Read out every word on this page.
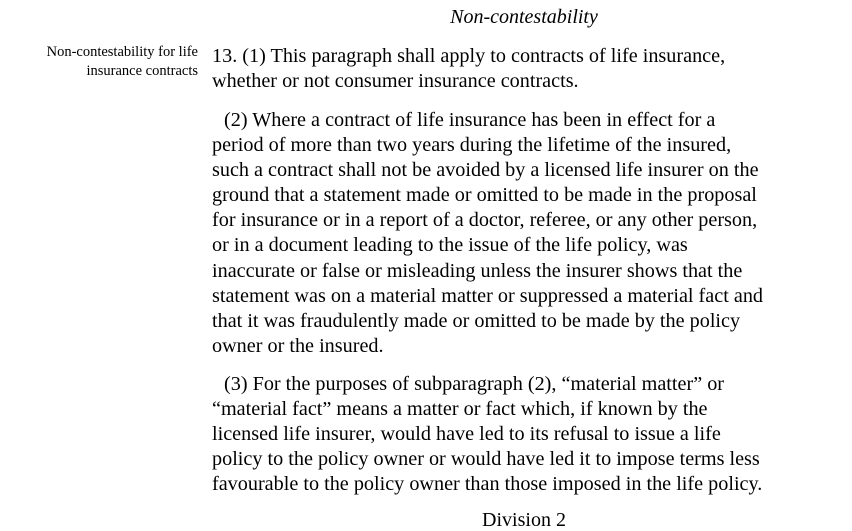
Non-contestability
Non-contestability for life
insurance contracts
13. (1) This paragraph shall apply to contracts of life insurance,
whether or not consumer insurance contracts.
(2) Where a contract of life insurance has been in effect for a
period of more than two years during the lifetime of the insured,
such a contract shall not be avoided by a licensed life insurer on the
ground that a statement made or omitted to be made in the proposal
for insurance or in a report of a doctor, referee, or any other person,
or in a document leading to the issue of the life policy, was
inaccurate or false or misleading unless the insurer shows that the
statement was on a material matter or suppressed a material fact and
that it was fraudulently made or omitted to be made by the policy
owner or the insured.
(3) For the purposes of subparagraph (2), “material matter” or
“material fact” means a matter or fact which, if known by the
licensed life insurer, would have led to its refusal to issue a life
policy to the policy owner or would have led it to impose terms less
favourable to the policy owner than those imposed in the life policy.
Division 2
